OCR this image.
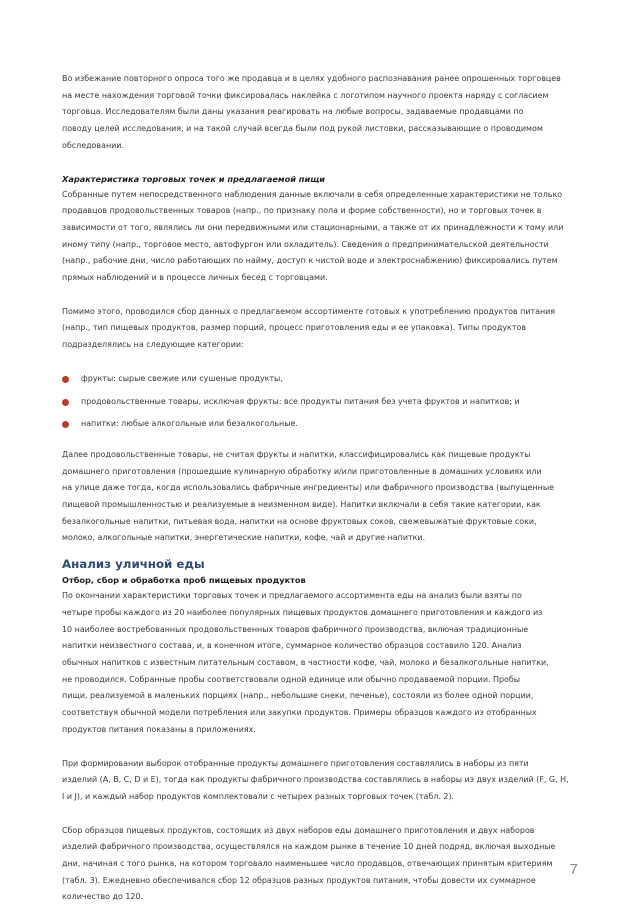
Во избежание повторного опроса того же продавца и в целях удобного распознавания ранее опрошенных торговцев
на месте нахождения торговой точки фиксировалась наклейка с логотипом научного проекта наряду с согласием
торговца. Исследователям были даны указания реагировать на любые вопросы, задаваемые продавцами по
поводу целей исследования, и на такой случай всегда были под рукой листовки, рассказывающие о проводимом
обследовании.

Характеристика торговых точек и предлагаемой пищи

Собранные путем непосредственного наблюдения данные включали в себя определенные характеристики не только
продавцов продовольственных товаров (напр., по признаку пола и форме собственности), но и торговых точек в
зависимости от того, являлись ли они передвижными или стационарными, а также от их принадлежности к тому или
иному типу (напр., торговое место, автофургон или охладитель). Сведения о предпринимательской деятельности
(напр., рабочие дни, число работающих по найму, доступ к чистой воде и электроснабжению) фиксировались путем
прямых наблюдений и в процессе личных бесед с торговцами.

Помимо этого, проводился сбор данных о предлагаемом ассортименте готовых к употреблению продуктов питания
(напр., тип пищевых продуктов, размер порций, процесс приготовления еды и ее упаковка). Типы продуктов
подразделялись на следующие категории:

фрукты: сырые свежие или сушеные продукты,
продовольственные товары, исключая фрукты: все продукты питания без учета фруктов и напитков; и
напитки: любые алкогольные или безалкогольные.

Далее продовольственные товары, не считая фрукты и напитки, классифицировались как пищевые продукты
домашнего приготовления (прошедшие кулинарную обработку и/или приготовленные в домашних условиях или
на улице даже тогда, когда использовались фабричные ингредиенты) или фабричного производства (выпущенные
пищевой промышленностью и реализуемые в неизменном виде). Напитки включали в себя такие категории, как
безалкогольные напитки, питьевая вода, напитки на основе фруктовых соков, свежевыжатые фруктовые соки,
молоко, алкогольные напитки, энергетические напитки, кофе, чай и другие напитки.

Анализ уличной еды
Отбор, сбор и обработка проб пищевых продуктов

По окончании характеристики торговых точек и предлагаемого ассортимента еды на анализ были взяты по
четыре пробы каждого из 20 наиболее популярных пищевых продуктов домашнего приготовления и каждого из
10 наиболее востребованных продовольственных товаров фабричного производства, включая традиционные
напитки неизвестного состава, и, в конечном итоге, суммарное количество образцов составило 120. Анализ
обычных напитков с известным питательным составом, в частности кофе, чай, молоко и безалкогольные напитки,
не проводился. Собранные пробы соответствовали одной единице или обычно продаваемой порции. Пробы
пищи, реализуемой в маленьких порциях (напр., небольшие снеки, печенье), состояли из более одной порции,
соответствуя обычной модели потребления или закупки продуктов. Примеры образцов каждого из отобранных
продуктов питания показаны в приложениях.

При формировании выборок отобранные продукты домашнего приготовления составлялись в наборы из пяти
изделий (A, B, C, D и E), тогда как продукты фабричного производства составлялись в наборы из двух изделий (F, G, H,
I и J), и каждый набор продуктов комплектовали с четырех разных торговых точек (табл. 2).

Сбор образцов пищевых продуктов, состоящих из двух наборов еды домашнего приготовления и двух наборов
изделий фабричного производства, осуществлялся на каждом рынке в течение 10 дней подряд, включая выходные
дни, начиная с того рынка, на котором торговало наименьшее число продавцов, отвечающих принятым критериям
(табл. 3). Ежедневно обеспечивался сбор 12 образцов разных продуктов питания, чтобы довести их суммарное
количество до 120.

7
